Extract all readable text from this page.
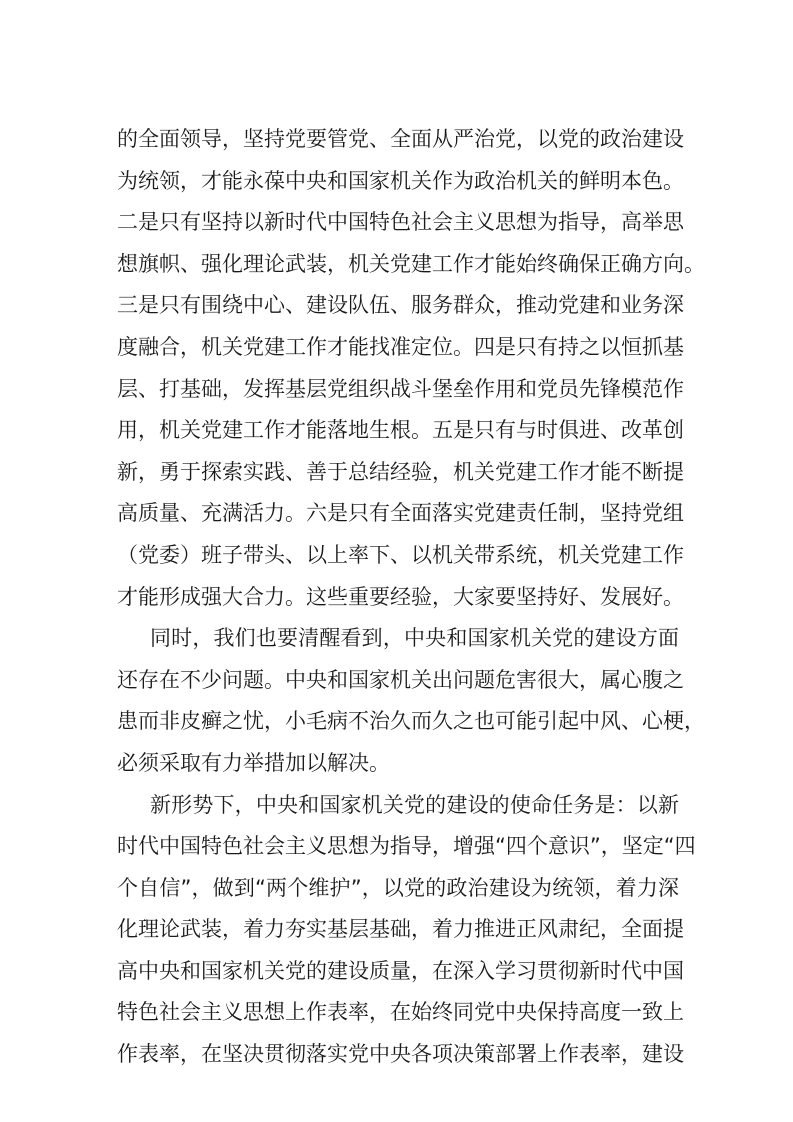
的全面领导，坚持党要管党、全面从严治党，以党的政治建设
为统领，才能永葆中央和国家机关作为政治机关的鲜明本色。
二是只有坚持以新时代中国特色社会主义思想为指导，高举思
想旗帜、强化理论武装，机关党建工作才能始终确保正确方向。
三是只有围绕中心、建设队伍、服务群众，推动党建和业务深
度融合，机关党建工作才能找准定位。四是只有持之以恒抓基
层、打基础，发挥基层党组织战斗堡垒作用和党员先锋模范作
用，机关党建工作才能落地生根。五是只有与时俱进、改革创
新，勇于探索实践、善于总结经验，机关党建工作才能不断提
高质量、充满活力。六是只有全面落实党建责任制，坚持党组
（党委）班子带头、以上率下、以机关带系统，机关党建工作
才能形成强大合力。这些重要经验，大家要坚持好、发展好。
同时，我们也要清醒看到，中央和国家机关党的建设方面
还存在不少问题。中央和国家机关出问题危害很大，属心腹之
患而非皮癣之忧，小毛病不治久而久之也可能引起中风、心梗，
必须采取有力举措加以解决。
新形势下，中央和国家机关党的建设的使命任务是：以新
时代中国特色社会主义思想为指导，增强“四个意识”，坚定“四
个自信”，做到“两个维护”，以党的政治建设为统领，着力深
化理论武装，着力夯实基层基础，着力推进正风肃纪，全面提
高中央和国家机关党的建设质量，在深入学习贯彻新时代中国
特色社会主义思想上作表率，在始终同党中央保持高度一致上
作表率，在坚决贯彻落实党中央各项决策部署上作表率，建设
